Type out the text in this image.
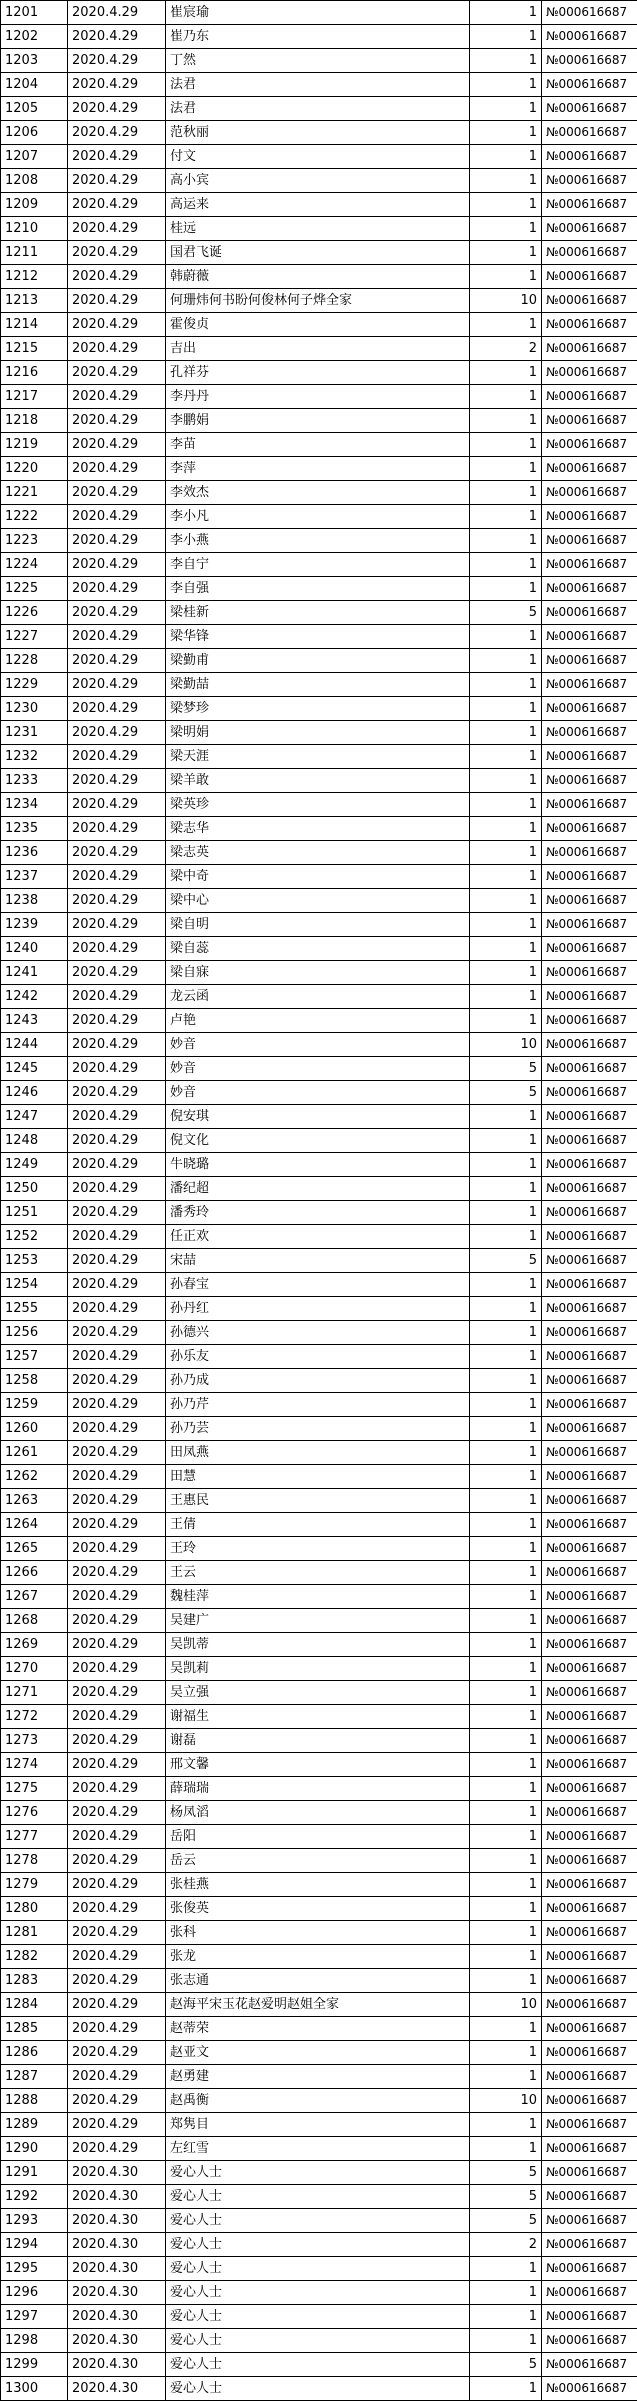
1201	2020.4.29	崔宸瑜	1	№000616687
1202	2020.4.29	崔乃东	1	№000616687
1203	2020.4.29	丁然	1	№000616687
1204	2020.4.29	法君	1	№000616687
1205	2020.4.29	法君	1	№000616687
1206	2020.4.29	范秋丽	1	№000616687
1207	2020.4.29	付文	1	№000616687
1208	2020.4.29	高小宾	1	№000616687
1209	2020.4.29	高运来	1	№000616687
1210	2020.4.29	桂远	1	№000616687
1211	2020.4.29	国君飞诞	1	№000616687
1212	2020.4.29	韩蔚薇	1	№000616687
1213	2020.4.29	何珊炜何书盼何俊林何子烨全家	10	№000616687
1214	2020.4.29	霍俊贞	1	№000616687
1215	2020.4.29	吉出	2	№000616687
1216	2020.4.29	孔祥芬	1	№000616687
1217	2020.4.29	李丹丹	1	№000616687
1218	2020.4.29	李鹏娟	1	№000616687
1219	2020.4.29	李苗	1	№000616687
1220	2020.4.29	李萍	1	№000616687
1221	2020.4.29	李效杰	1	№000616687
1222	2020.4.29	李小凡	1	№000616687
1223	2020.4.29	李小燕	1	№000616687
1224	2020.4.29	李自宁	1	№000616687
1225	2020.4.29	李自强	1	№000616687
1226	2020.4.29	梁桂新	5	№000616687
1227	2020.4.29	梁华锋	1	№000616687
1228	2020.4.29	梁勤甫	1	№000616687
1229	2020.4.29	梁勤喆	1	№000616687
1230	2020.4.29	梁梦珍	1	№000616687
1231	2020.4.29	梁明娟	1	№000616687
1232	2020.4.29	梁天涯	1	№000616687
1233	2020.4.29	梁羊敢	1	№000616687
1234	2020.4.29	梁英珍	1	№000616687
1235	2020.4.29	梁志华	1	№000616687
1236	2020.4.29	梁志英	1	№000616687
1237	2020.4.29	梁中奇	1	№000616687
1238	2020.4.29	梁中心	1	№000616687
1239	2020.4.29	梁自明	1	№000616687
1240	2020.4.29	梁自蕊	1	№000616687
1241	2020.4.29	梁自寐	1	№000616687
1242	2020.4.29	龙云函	1	№000616687
1243	2020.4.29	卢艳	1	№000616687
1244	2020.4.29	妙音	10	№000616687
1245	2020.4.29	妙音	5	№000616687
1246	2020.4.29	妙音	5	№000616687
1247	2020.4.29	倪安琪	1	№000616687
1248	2020.4.29	倪文化	1	№000616687
1249	2020.4.29	牛晓璐	1	№000616687
1250	2020.4.29	潘纪超	1	№000616687
1251	2020.4.29	潘秀玲	1	№000616687
1252	2020.4.29	任正欢	1	№000616687
1253	2020.4.29	宋喆	5	№000616687
1254	2020.4.29	孙春宝	1	№000616687
1255	2020.4.29	孙丹红	1	№000616687
1256	2020.4.29	孙德兴	1	№000616687
1257	2020.4.29	孙乐友	1	№000616687
1258	2020.4.29	孙乃成	1	№000616687
1259	2020.4.29	孙乃芹	1	№000616687
1260	2020.4.29	孙乃芸	1	№000616687
1261	2020.4.29	田凤燕	1	№000616687
1262	2020.4.29	田慧	1	№000616687
1263	2020.4.29	王惠民	1	№000616687
1264	2020.4.29	王倩	1	№000616687
1265	2020.4.29	王玲	1	№000616687
1266	2020.4.29	王云	1	№000616687
1267	2020.4.29	魏桂萍	1	№000616687
1268	2020.4.29	吴建广	1	№000616687
1269	2020.4.29	吴凯蒂	1	№000616687
1270	2020.4.29	吴凯莉	1	№000616687
1271	2020.4.29	吴立强	1	№000616687
1272	2020.4.29	谢福生	1	№000616687
1273	2020.4.29	谢磊	1	№000616687
1274	2020.4.29	邢文馨	1	№000616687
1275	2020.4.29	薛瑞瑞	1	№000616687
1276	2020.4.29	杨凤滔	1	№000616687
1277	2020.4.29	岳阳	1	№000616687
1278	2020.4.29	岳云	1	№000616687
1279	2020.4.29	张桂燕	1	№000616687
1280	2020.4.29	张俊英	1	№000616687
1281	2020.4.29	张科	1	№000616687
1282	2020.4.29	张龙	1	№000616687
1283	2020.4.29	张志通	1	№000616687
1284	2020.4.29	赵海平宋玉花赵爱明赵姐全家	10	№000616687
1285	2020.4.29	赵蒂荣	1	№000616687
1286	2020.4.29	赵亚文	1	№000616687
1287	2020.4.29	赵勇建	1	№000616687
1288	2020.4.29	赵禹衡	10	№000616687
1289	2020.4.29	郑隽目	1	№000616687
1290	2020.4.29	左红雪	1	№000616687
1291	2020.4.30	爱心人士	5	№000616687
1292	2020.4.30	爱心人士	5	№000616687
1293	2020.4.30	爱心人士	5	№000616687
1294	2020.4.30	爱心人士	2	№000616687
1295	2020.4.30	爱心人士	1	№000616687
1296	2020.4.30	爱心人士	1	№000616687
1297	2020.4.30	爱心人士	1	№000616687
1298	2020.4.30	爱心人士	1	№000616687
1299	2020.4.30	爱心人士	5	№000616687
1300	2020.4.30	爱心人士	1	№000616687
